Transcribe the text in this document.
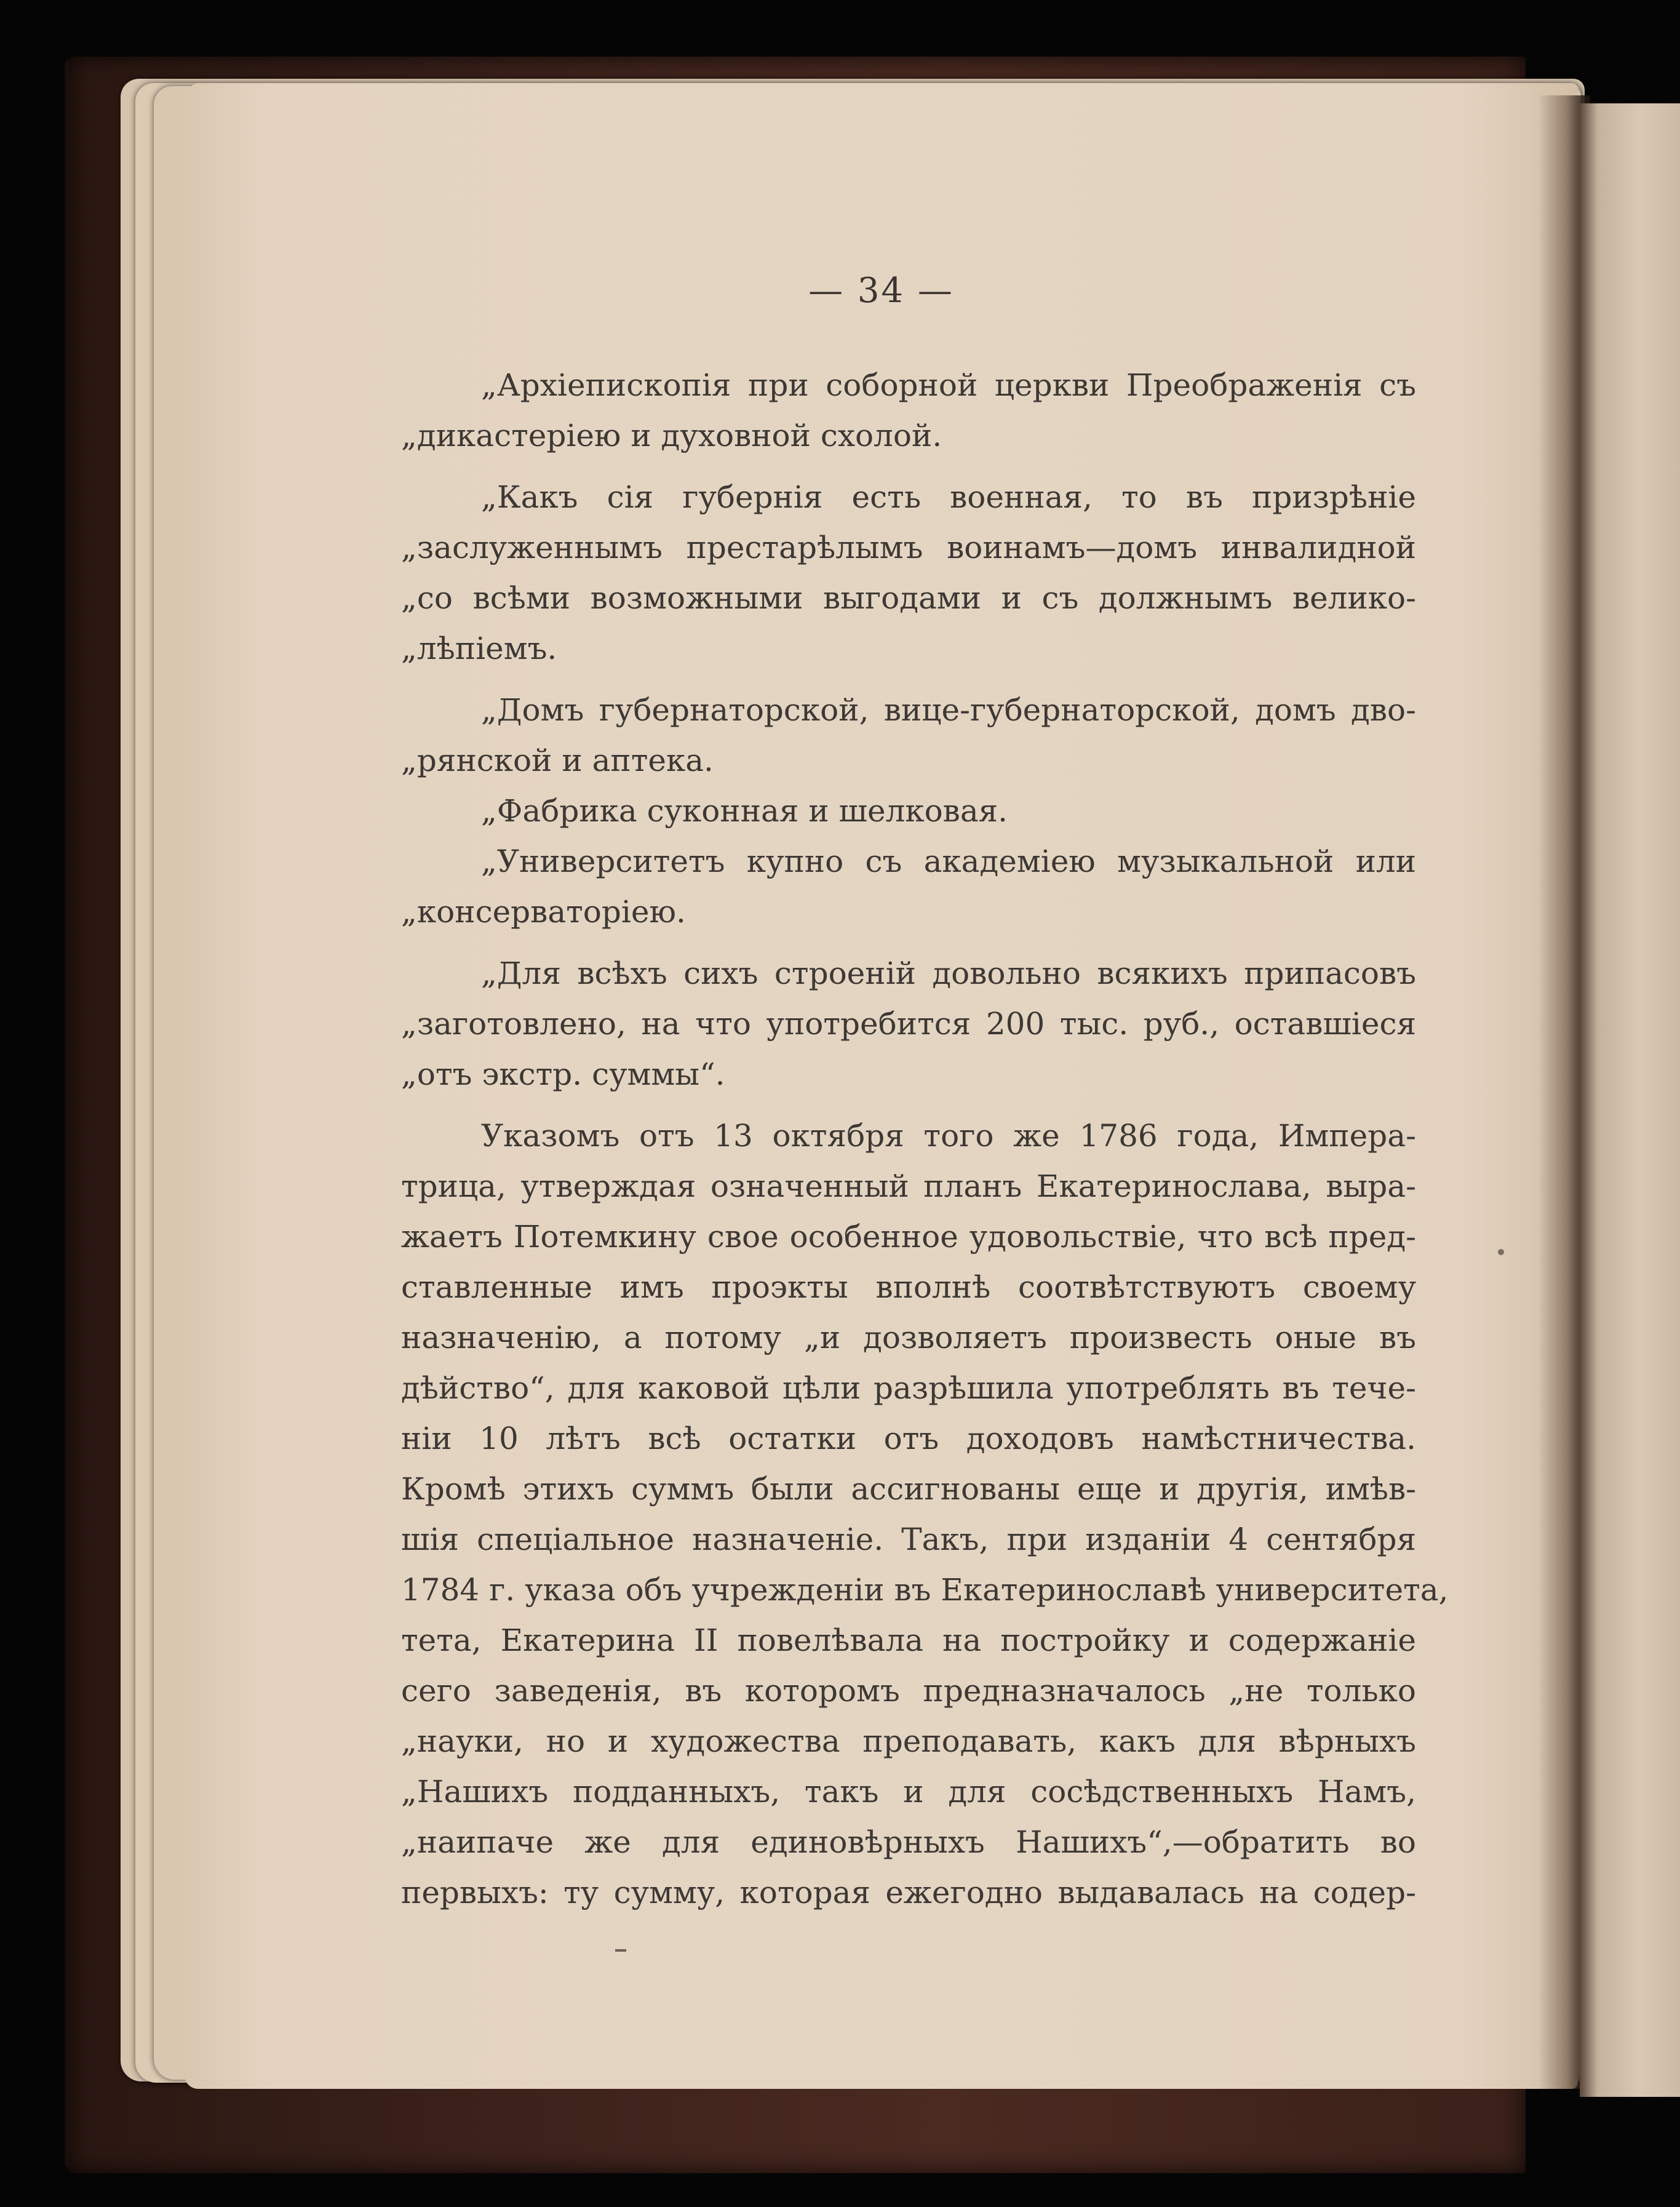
— 34 —
„Архіепископія при соборной церкви Преображенія съ
„дикастеріею и духовной схолой.
„Какъ сія губернія есть военная, то въ призрѣніе
„заслуженнымъ престарѣлымъ воинамъ—домъ инвалидной
„со всѣми возможными выгодами и съ должнымъ велико-
„лѣпіемъ.
„Домъ губернаторской, вице-губернаторской, домъ дво-
„рянской и аптека.
„Фабрика суконная и шелковая.
„Университетъ купно съ академіею музыкальной или
„консерваторіею.
„Для всѣхъ сихъ строеній довольно всякихъ припасовъ
„заготовлено, на что употребится 200 тыс. руб., оставшіеся
„отъ экстр. суммы“.
Указомъ отъ 13 октября того же 1786 года, Импера-
трица, утверждая означенный планъ Екатеринослава, выра-
жаетъ Потемкину свое особенное удовольствіе, что всѣ пред-
ставленные имъ проэкты вполнѣ соотвѣтствуютъ своему
назначенію, а потому „и дозволяетъ произвесть оные въ
дѣйство“, для каковой цѣли разрѣшила употреблять въ тече-
ніи 10 лѣтъ всѣ остатки отъ доходовъ намѣстничества.
Кромѣ этихъ суммъ были ассигнованы еще и другія, имѣв-
шія спеціальное назначеніе. Такъ, при изданіи 4 сентября
1784 г. указа объ учрежденіи въ Екатеринославѣ университета,
тета, Екатерина II повелѣвала на постройку и содержаніе
сего заведенія, въ которомъ предназначалось „не только
„науки, но и художества преподавать, какъ для вѣрныхъ
„Нашихъ подданныхъ, такъ и для сосѣдственныхъ Намъ,
„наипаче же для единовѣрныхъ Нашихъ“,—обратить во
первыхъ: ту сумму, которая ежегодно выдавалась на содер-
